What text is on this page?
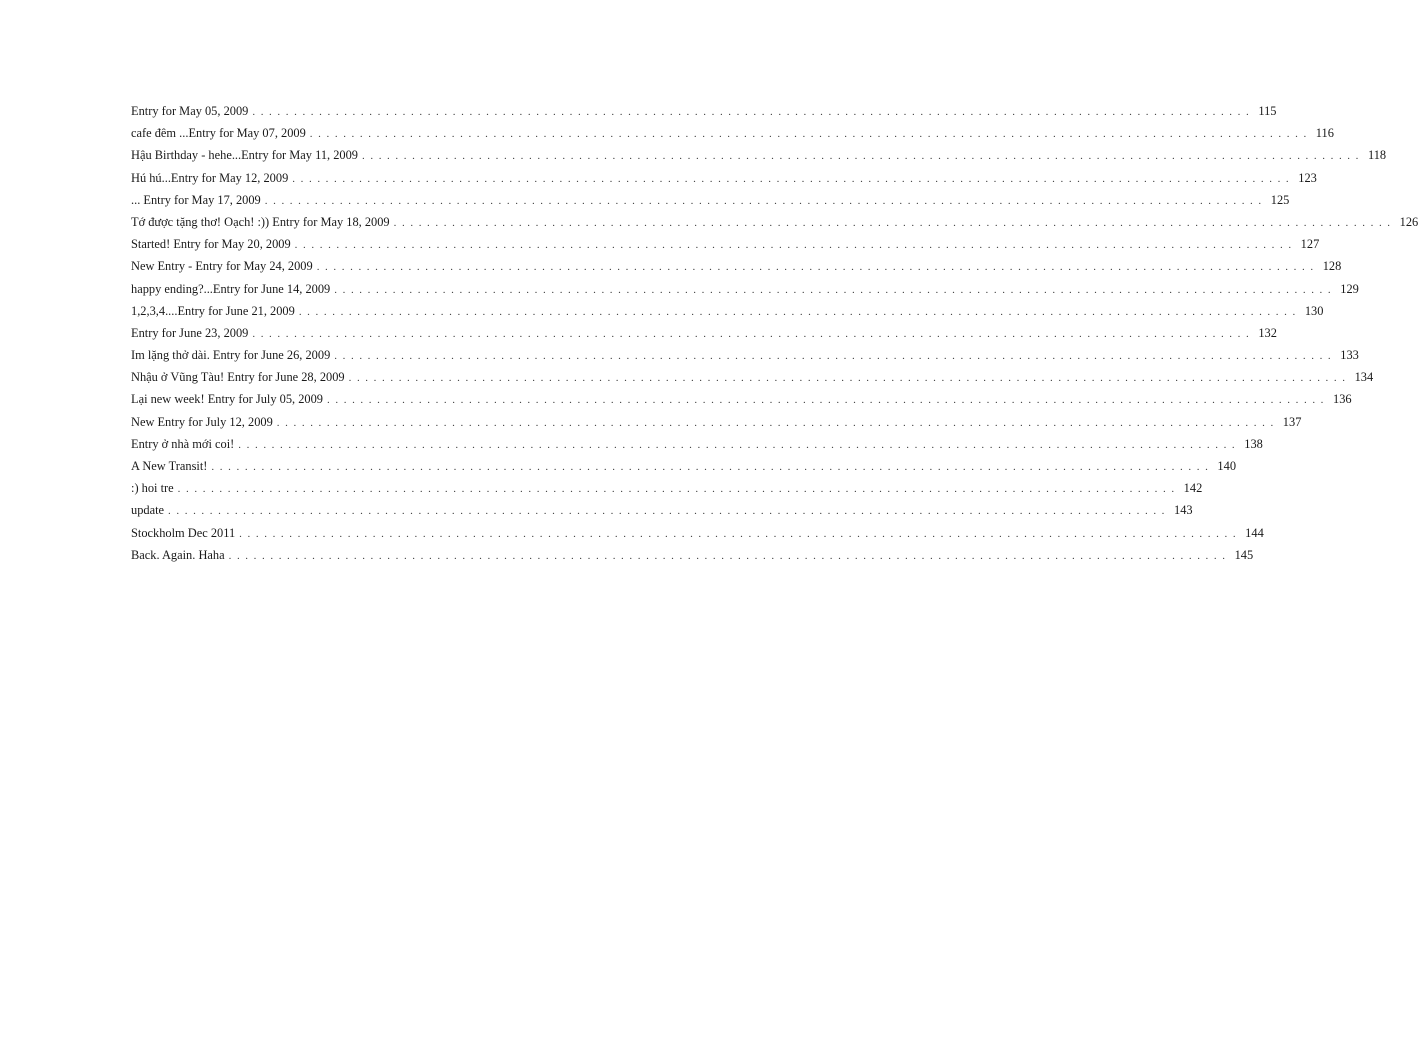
Entry for May 05, 2009 ........................................................................................................................ 115
cafe đêm ...Entry for May 07, 2009 ........................................................................................................................ 116
Hậu Birthday - hehe...Entry for May 11, 2009 ........................................................................................................................ 118
Hú hú...Entry for May 12, 2009 ........................................................................................................................ 123
... Entry for May 17, 2009 ........................................................................................................................ 125
Tớ được tặng thơ! Oạch! :)) Entry for May 18, 2009 ........................................................................................................................ 126
Started! Entry for May 20, 2009 ........................................................................................................................ 127
New Entry - Entry for May 24, 2009 ........................................................................................................................ 128
happy ending?...Entry for June 14, 2009 ........................................................................................................................ 129
1,2,3,4....Entry for June 21, 2009 ........................................................................................................................ 130
Entry for June 23, 2009 ........................................................................................................................ 132
Im lặng thở dài. Entry for June 26, 2009 ........................................................................................................................ 133
Nhậu ở Vũng Tàu! Entry for June 28, 2009 ........................................................................................................................ 134
Lại new week! Entry for July 05, 2009 ........................................................................................................................ 136
New Entry for July 12, 2009 ........................................................................................................................ 137
Entry ở nhà mới coi! ........................................................................................................................ 138
A New Transit! ........................................................................................................................ 140
:) hoi tre ........................................................................................................................ 142
update ........................................................................................................................ 143
Stockholm Dec 2011 ........................................................................................................................ 144
Back. Again. Haha ........................................................................................................................ 145
